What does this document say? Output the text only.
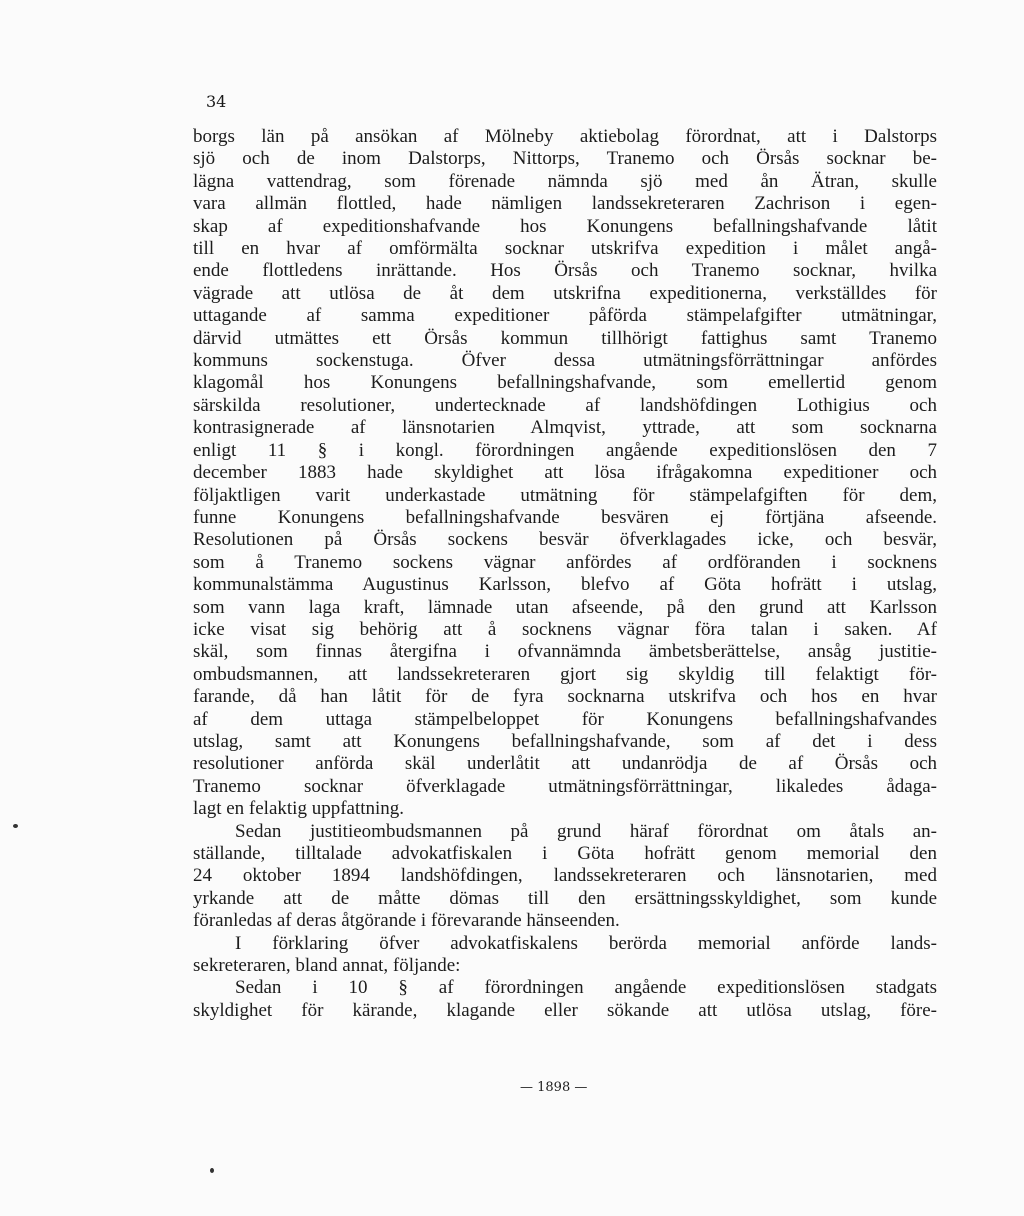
34
borgs län på ansökan af Mölneby aktiebolag förordnat, att i Dalstorps
sjö och de inom Dalstorps, Nittorps, Tranemo och Örsås socknar be-
lägna vattendrag, som förenade nämnda sjö med ån Ätran, skulle
vara allmän flottled, hade nämligen landssekreteraren Zachrison i egen-
skap af expeditionshafvande hos Konungens befallningshafvande låtit
till en hvar af omförmälta socknar utskrifva expedition i målet angå-
ende flottledens inrättande. Hos Örsås och Tranemo socknar, hvilka
vägrade att utlösa de åt dem utskrifna expeditionerna, verkställdes för
uttagande af samma expeditioner påförda stämpelafgifter utmätningar,
därvid utmättes ett Örsås kommun tillhörigt fattighus samt Tranemo
kommuns sockenstuga. Öfver dessa utmätningsförrättningar anfördes
klagomål hos Konungens befallningshafvande, som emellertid genom
särskilda resolutioner, undertecknade af landshöfdingen Lothigius och
kontrasignerade af länsnotarien Almqvist, yttrade, att som socknarna
enligt 11 § i kongl. förordningen angående expeditionslösen den 7
december 1883 hade skyldighet att lösa ifrågakomna expeditioner och
följaktligen varit underkastade utmätning för stämpelafgiften för dem,
funne Konungens befallningshafvande besvären ej förtjäna afseende.
Resolutionen på Örsås sockens besvär öfverklagades icke, och besvär,
som å Tranemo sockens vägnar anfördes af ordföranden i socknens
kommunalstämma Augustinus Karlsson, blefvo af Göta hofrätt i utslag,
som vann laga kraft, lämnade utan afseende, på den grund att Karlsson
icke visat sig behörig att å socknens vägnar föra talan i saken. Af
skäl, som finnas återgifna i ofvannämnda ämbetsberättelse, ansåg justitie-
ombudsmannen, att landssekreteraren gjort sig skyldig till felaktigt för-
farande, då han låtit för de fyra socknarna utskrifva och hos en hvar
af dem uttaga stämpelbeloppet för Konungens befallningshafvandes
utslag, samt att Konungens befallningshafvande, som af det i dess
resolutioner anförda skäl underlåtit att undanrödja de af Örsås och
Tranemo socknar öfverklagade utmätningsförrättningar, likaledes ådaga-
lagt en felaktig uppfattning.
Sedan justitieombudsmannen på grund häraf förordnat om åtals an-
ställande, tilltalade advokatfiskalen i Göta hofrätt genom memorial den
24 oktober 1894 landshöfdingen, landssekreteraren och länsnotarien, med
yrkande att de måtte dömas till den ersättningsskyldighet, som kunde
föranledas af deras åtgörande i förevarande hänseenden.
I förklaring öfver advokatfiskalens berörda memorial anförde lands-
sekreteraren, bland annat, följande:
Sedan i 10 § af förordningen angående expeditionslösen stadgats
skyldighet för kärande, klagande eller sökande att utlösa utslag, före-
— 1898 —
